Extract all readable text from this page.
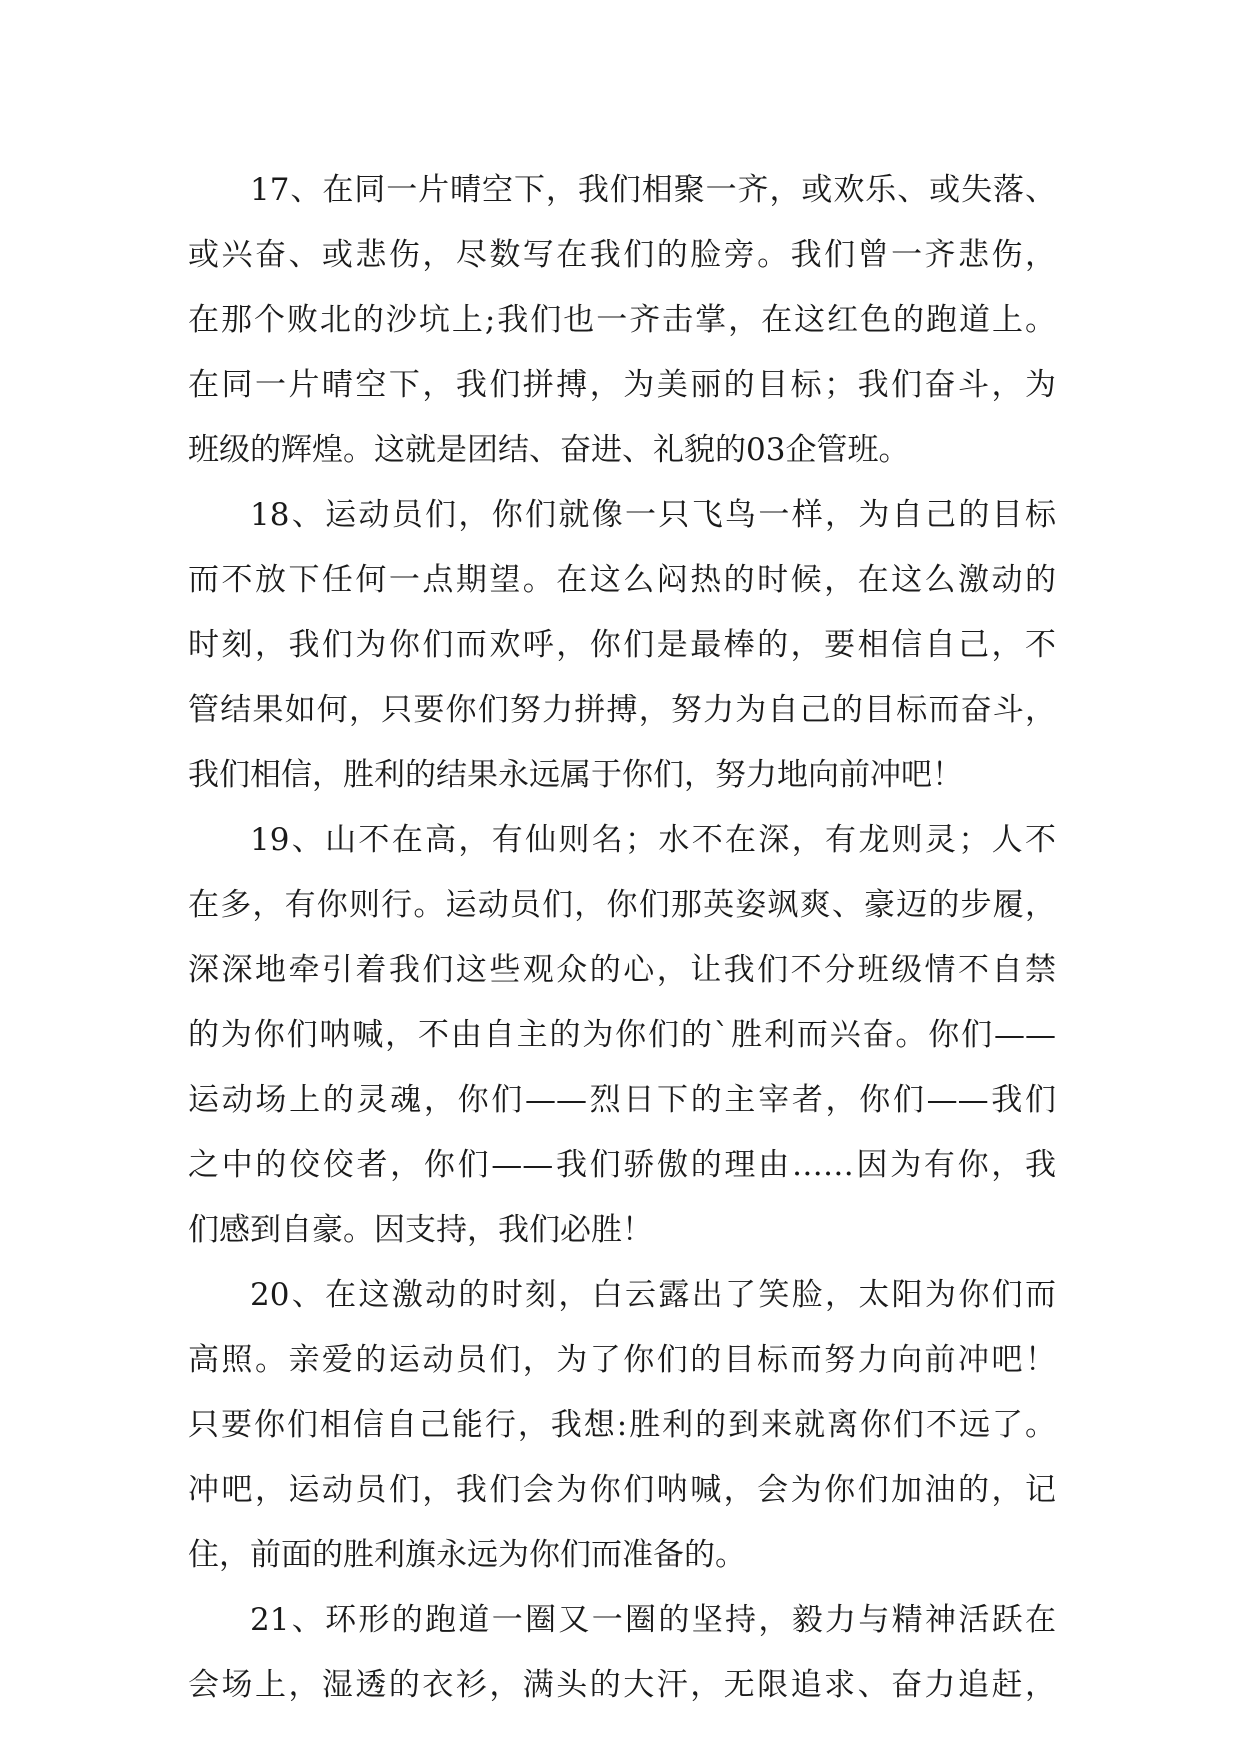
17、在同一片晴空下，我们相聚一齐，或欢乐、或失落、
或兴奋、或悲伤，尽数写在我们的脸旁。我们曾一齐悲伤，
在那个败北的沙坑上;我们也一齐击掌，在这红色的跑道上。
在同一片晴空下，我们拼搏，为美丽的目标；我们奋斗，为
班级的辉煌。这就是团结、奋进、礼貌的03企管班。
18、运动员们，你们就像一只飞鸟一样，为自己的目标
而不放下任何一点期望。在这么闷热的时候，在这么激动的
时刻，我们为你们而欢呼，你们是最棒的，要相信自己，不
管结果如何，只要你们努力拼搏，努力为自己的目标而奋斗，
我们相信，胜利的结果永远属于你们，努力地向前冲吧！
19、山不在高，有仙则名；水不在深，有龙则灵；人不
在多，有你则行。运动员们，你们那英姿飒爽、豪迈的步履，
深深地牵引着我们这些观众的心，让我们不分班级情不自禁
的为你们呐喊，不由自主的为你们的`胜利而兴奋。你们——
运动场上的灵魂，你们——烈日下的主宰者，你们——我们
之中的佼佼者，你们——我们骄傲的理由……因为有你，我
们感到自豪。因支持，我们必胜！
20、在这激动的时刻，白云露出了笑脸，太阳为你们而
高照。亲爱的运动员们，为了你们的目标而努力向前冲吧！
只要你们相信自己能行，我想:胜利的到来就离你们不远了。
冲吧，运动员们，我们会为你们呐喊，会为你们加油的，记
住，前面的胜利旗永远为你们而准备的。
21、环形的跑道一圈又一圈的坚持，毅力与精神活跃在
会场上，湿透的衣衫，满头的大汗，无限追求、奋力追赶，
